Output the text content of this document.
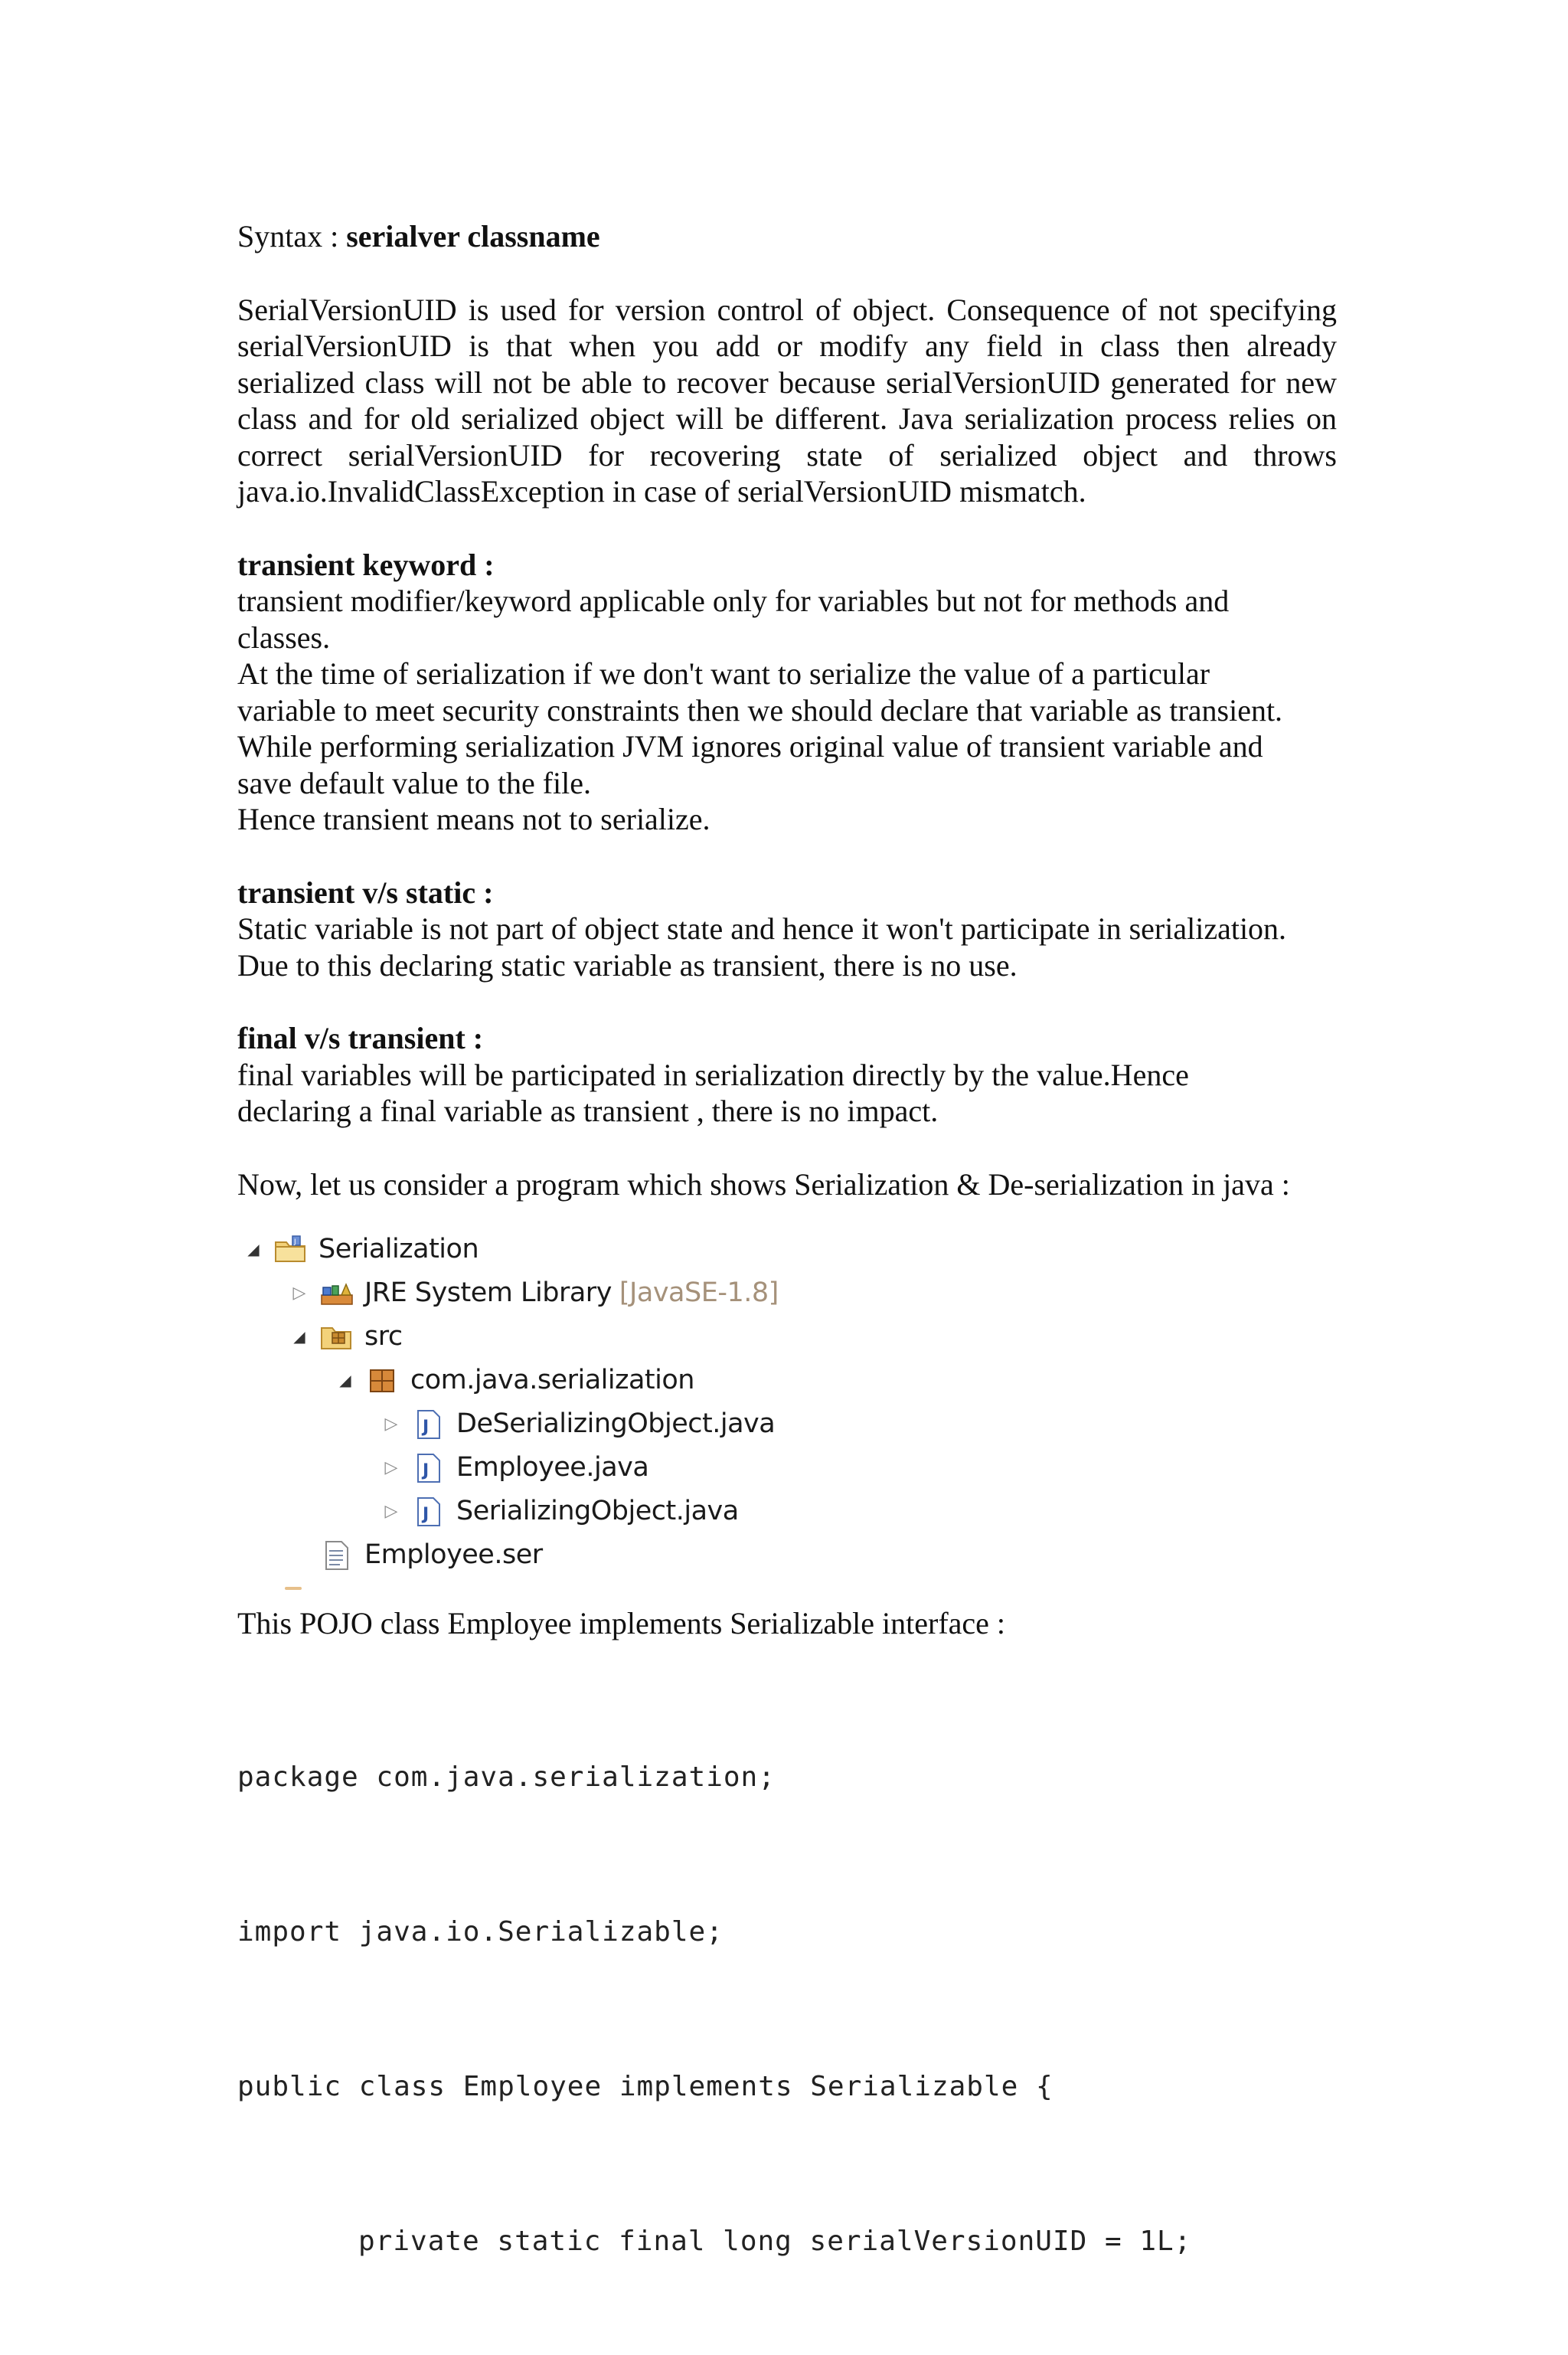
Syntax : serialver classname

SerialVersionUID is used for version control of object. Consequence of not specifying serialVersionUID is that when you add or modify any field in class then already serialized class will not be able to recover because serialVersionUID generated for new class and for old serialized object will be different. Java serialization process relies on correct serialVersionUID for recovering state of serialized object and throws java.io.InvalidClassException in case of serialVersionUID mismatch.

transient keyword :

transient modifier/keyword applicable only for variables but not for methods and

classes.

At the time of serialization if we don't want to serialize the value of a particular

variable to meet security constraints then we should declare that variable as transient.

While performing serialization JVM ignores original value of transient variable and

save default value to the file.

Hence transient means not to serialize.

transient v/s static :

Static variable is not part of object state and hence it won't participate in serialization.

Due to this declaring static variable as transient, there is no use.

final v/s transient :

final variables will be participated in serialization directly by the value.Hence

declaring a final variable as transient , there is no impact.

Now, let us consider a program which shows Serialization & De-serialization in java :

◢	J Serialization
▷ JRE System Library [JavaSE-1.8]
◢ src
◢ com.java.serialization
▷ J DeSerializingObject.java
▷ J Employee.java
▷ J SerializingObject.java
Employee.ser

This POJO class Employee implements Serializable interface :

package com.java.serialization;

import java.io.Serializable;

public class Employee implements Serializable {

private static final long serialVersionUID = 1L;
